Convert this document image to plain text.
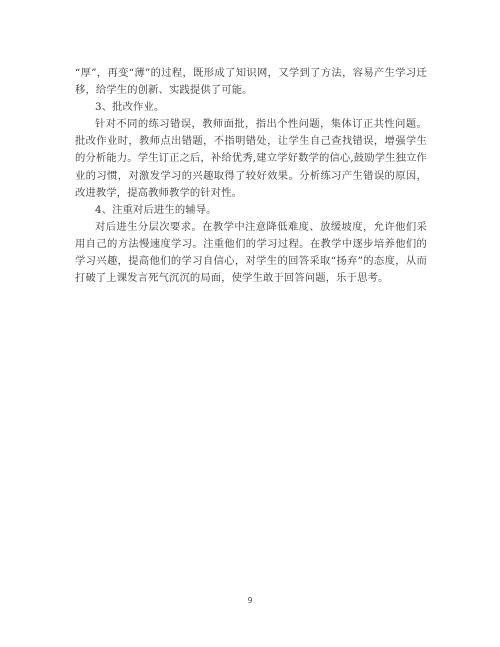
“厚”，再变“薄”的过程，既形成了知识网，又学到了方法，容易产生学习迁移，给学生的创新、实践提供了可能。

3、批改作业。

针对不同的练习错误，教师面批，指出个性问题，集体订正共性问题。批改作业时，教师点出错题，不指明错处，让学生自己查找错误，增强学生的分析能力。学生订正之后，补给优秀,建立学好数学的信心,鼓励学生独立作业的习惯，对激发学习的兴趣取得了较好效果。分析练习产生错误的原因，改进教学，提高教师教学的针对性。

4、注重对后进生的辅导。

对后进生分层次要求。在教学中注意降低难度、放缓坡度，允许他们采用自己的方法慢速度学习。注重他们的学习过程。在教学中逐步培养他们的学习兴趣，提高他们的学习自信心，对学生的回答采取“扬弃”的态度，从而打破了上课发言死气沉沉的局面，使学生敢于回答问题，乐于思考。

9
